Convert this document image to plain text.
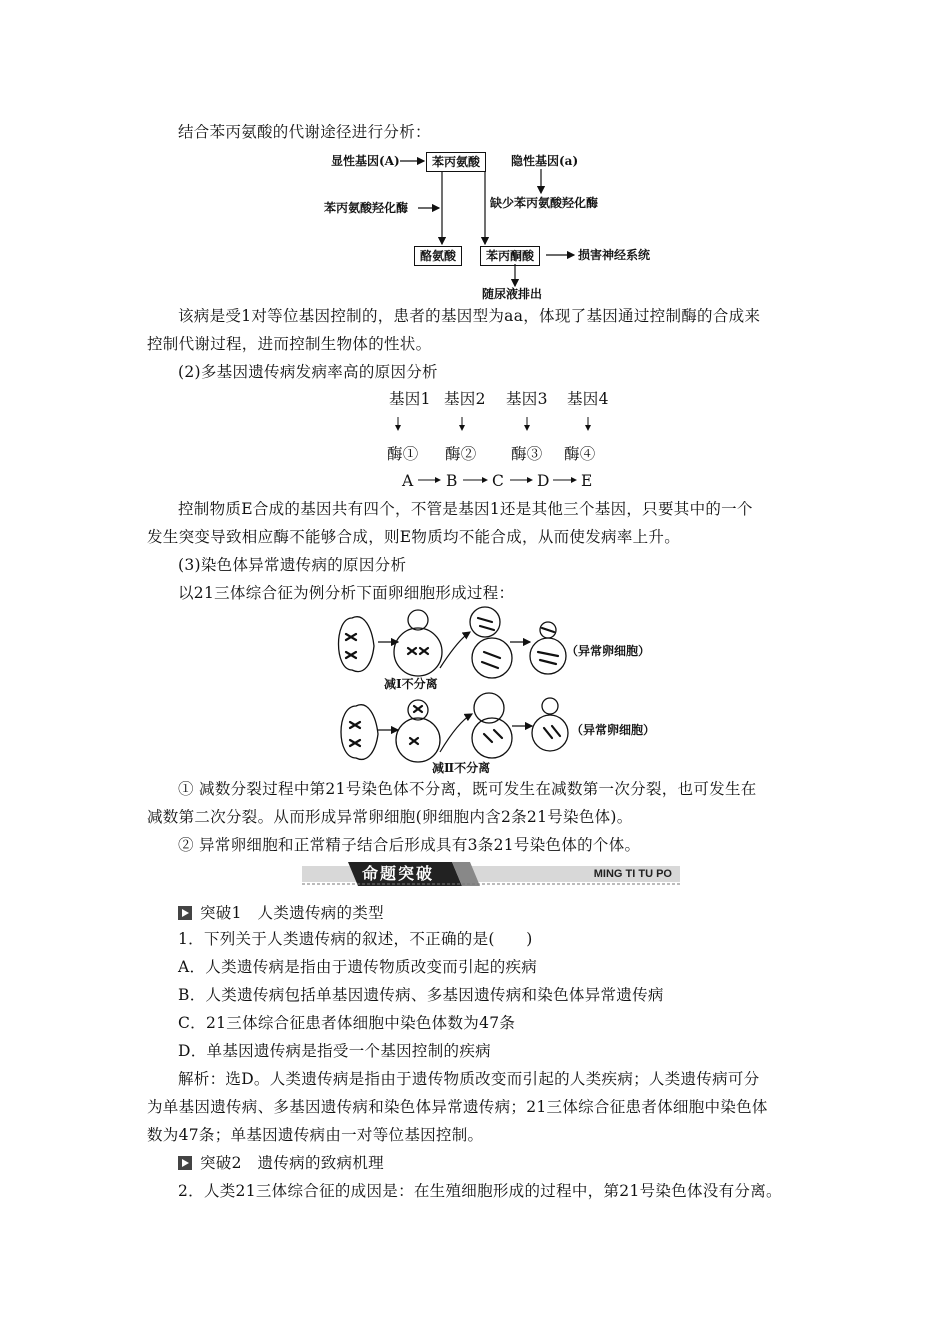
结合苯丙氨酸的代谢途径进行分析：
显性基因(A)	苯丙氨酸	隐性基因(a)
苯丙氨酸羟化酶	缺少苯丙氨酸羟化酶
酪氨酸	苯丙酮酸	损害神经系统
随尿液排出
该病是受1对等位基因控制的，患者的基因型为aa，体现了基因通过控制酶的合成来
控制代谢过程，进而控制生物体的性状。
(2)多基因遗传病发病率高的原因分析
基因1 基因2 基因3 基因4
酶① 酶② 酶③ 酶④
A B C D E
控制物质E合成的基因共有四个，不管是基因1还是其他三个基因，只要其中的一个
发生突变导致相应酶不能够合成，则E物质均不能合成，从而使发病率上升。
(3)染色体异常遗传病的原因分析
以21三体综合征为例分析下面卵细胞形成过程：
（异常卵细胞）
减Ⅰ不分离
（异常卵细胞）
减Ⅱ不分离
① 减数分裂过程中第21号染色体不分离，既可发生在减数第一次分裂，也可发生在
减数第二次分裂。从而形成异常卵细胞(卵细胞内含2条21号染色体)。
② 异常卵细胞和正常精子结合后形成具有3条21号染色体的个体。
命题突破	MING TI TU PO
突破1　人类遗传病的类型
1．下列关于人类遗传病的叙述，不正确的是(　　)
A．人类遗传病是指由于遗传物质改变而引起的疾病
B．人类遗传病包括单基因遗传病、多基因遗传病和染色体异常遗传病
C．21三体综合征患者体细胞中染色体数为47条
D．单基因遗传病是指受一个基因控制的疾病
解析：选D。人类遗传病是指由于遗传物质改变而引起的人类疾病；人类遗传病可分
为单基因遗传病、多基因遗传病和染色体异常遗传病；21三体综合征患者体细胞中染色体
数为47条；单基因遗传病由一对等位基因控制。
突破2　遗传病的致病机理
2．人类21三体综合征的成因是：在生殖细胞形成的过程中，第21号染色体没有分离。
